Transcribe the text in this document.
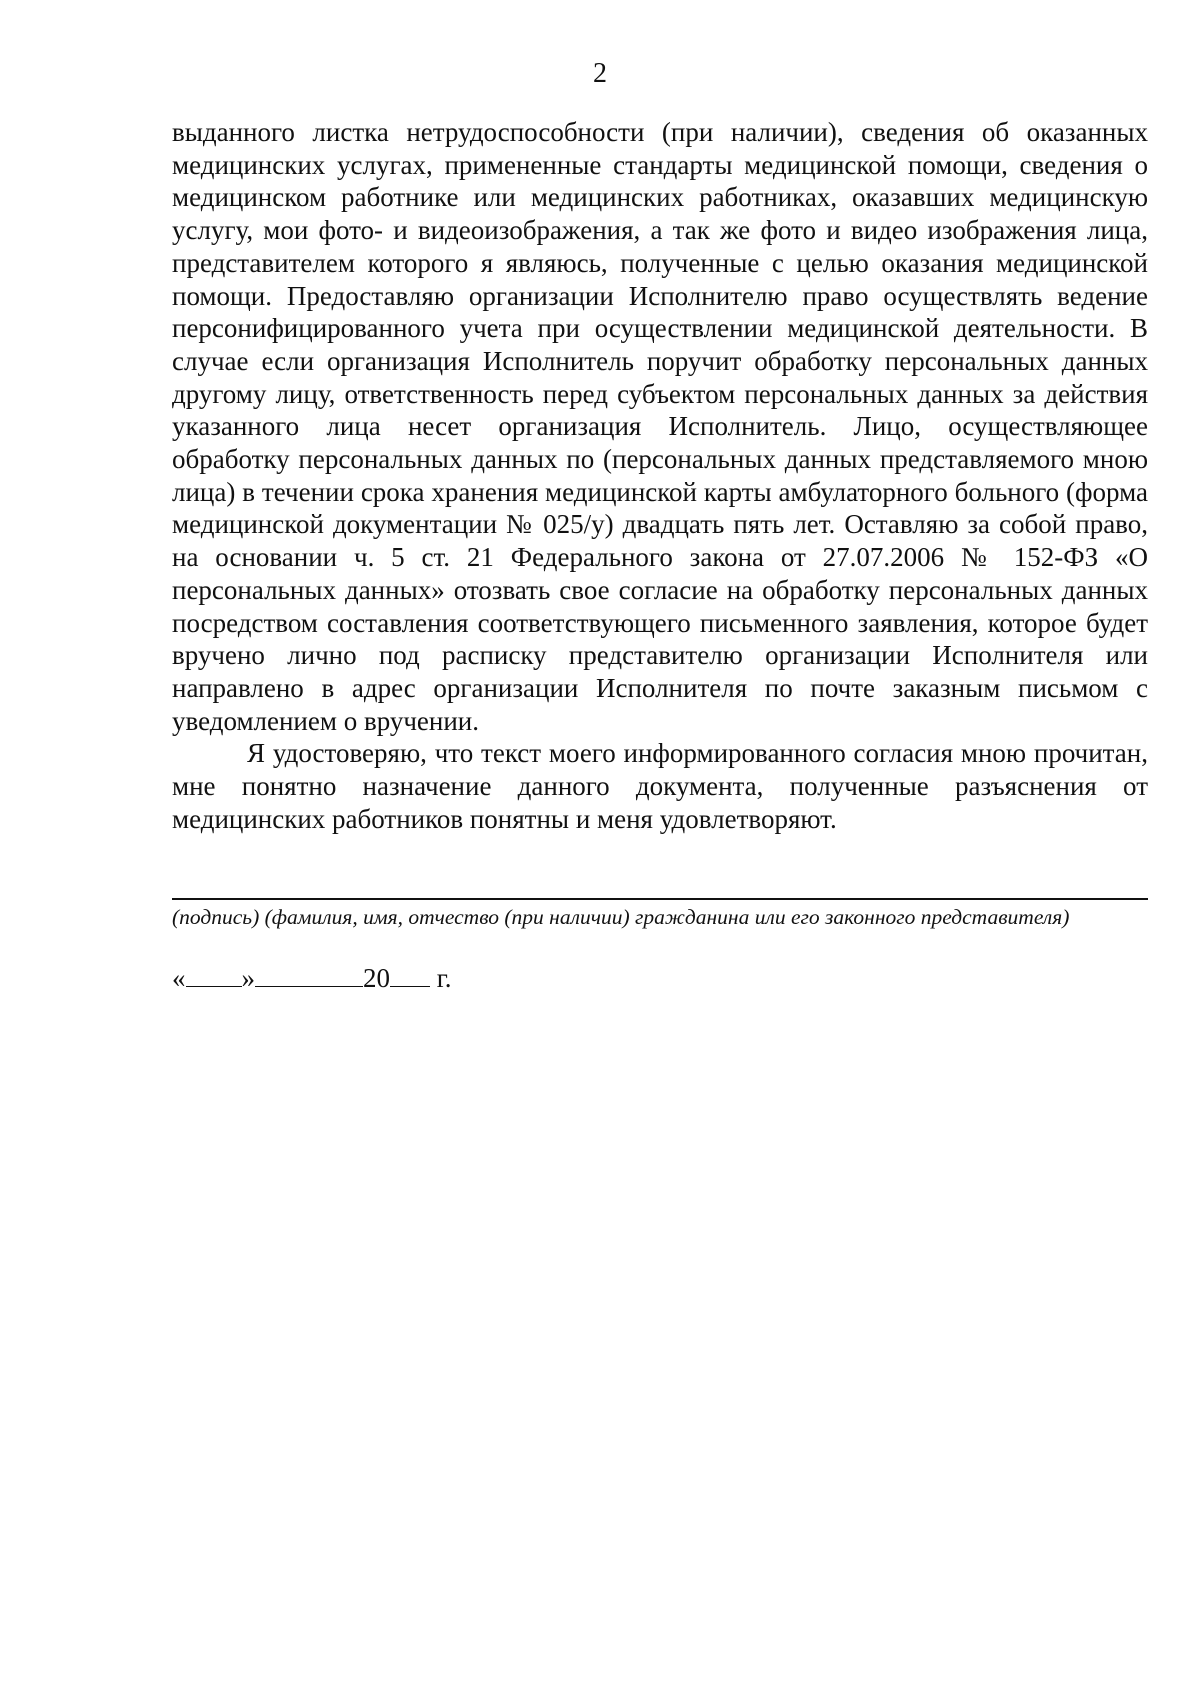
2

выданного листка нетрудоспособности (при наличии), сведения об оказанных медицинских услугах, примененные стандарты медицинской помощи, сведения о медицинском работнике или медицинских работниках, оказавших медицинскую услугу, мои фото- и видеоизображения, а так же фото и видео изображения лица, представителем которого я являюсь, полученные с целью оказания медицинской помощи. Предоставляю организации Исполнителю право осуществлять ведение персонифицированного учета при осуществлении медицинской деятельности. В случае если организация Исполнитель поручит обработку персональных данных другому лицу, ответственность перед субъектом персональных данных за действия указанного лица несет организация Исполнитель. Лицо, осуществляющее обработку персональных данных по (персональных данных представляемого мною лица) в течении срока хранения медицинской карты амбулаторного больного (форма медицинской документации № 025/у) двадцать пять лет. Оставляю за собой право, на основании ч. 5 ст. 21 Федерального закона от 27.07.2006 № 152-ФЗ «О персональных данных» отозвать свое согласие на обработку персональных данных посредством составления соответствующего письменного заявления, которое будет вручено лично под расписку представителю организации Исполнителя или направлено в адрес организации Исполнителя по почте заказным письмом с уведомлением о вручении.

Я удостоверяю, что текст моего информированного согласия мною прочитан, мне понятно назначение данного документа, полученные разъяснения от медицинских работников понятны и меня удовлетворяют.

(подпись) (фамилия, имя, отчество (при наличии) гражданина или его законного представителя)
« »	20 г.
